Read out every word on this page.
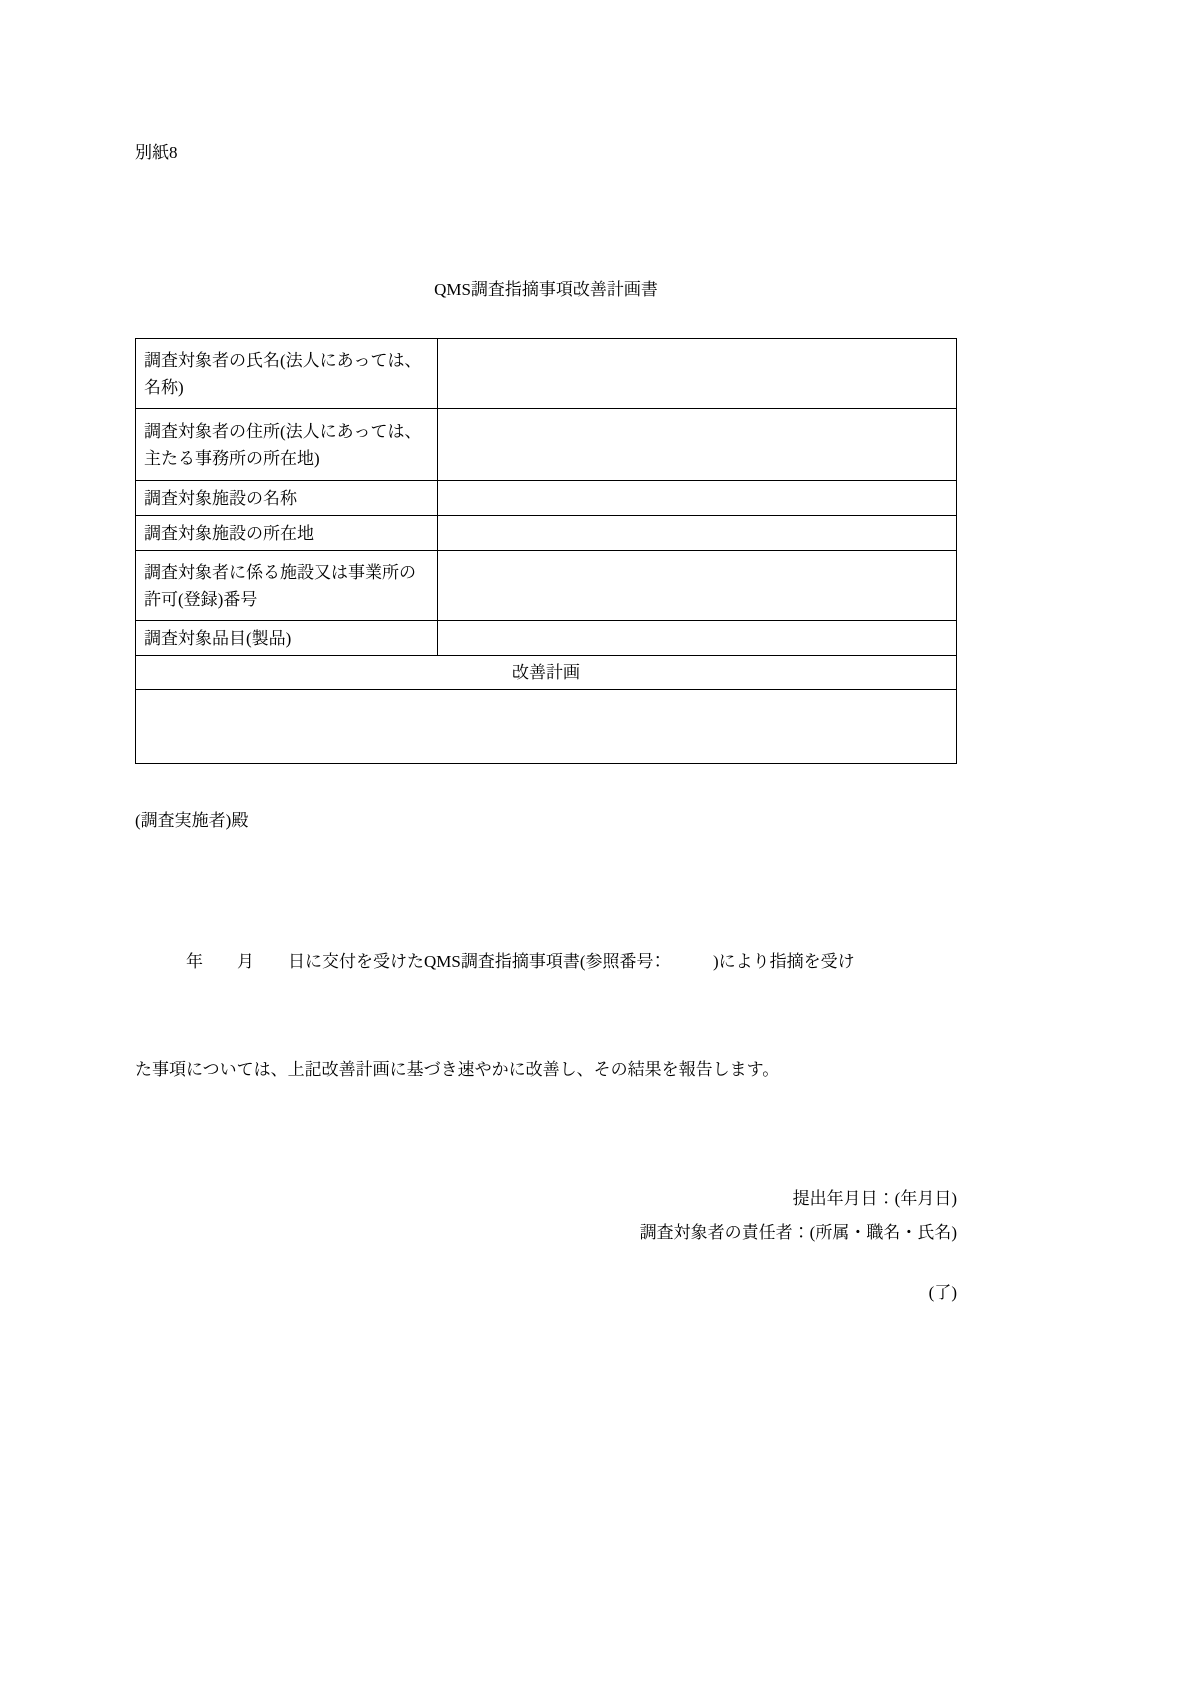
別紙8
QMS調査指摘事項改善計画書
調査対象者の氏名(法人にあっては、名称)	
調査対象者の住所(法人にあっては、主たる事務所の所在地)	
調査対象施設の名称	
調査対象施設の所在地	
調査対象者に係る施設又は事業所の許可(登録)番号	
調査対象品目(製品)	
改善計画	

(調査実施者)殿

　　　年　　月　　日に交付を受けたQMS調査指摘事項書(参照番号：　　　)により指摘を受け

た事項については、上記改善計画に基づき速やかに改善し、その結果を報告します。

提出年月日：(年月日)
調査対象者の責任者：(所属・職名・氏名)
(了)
